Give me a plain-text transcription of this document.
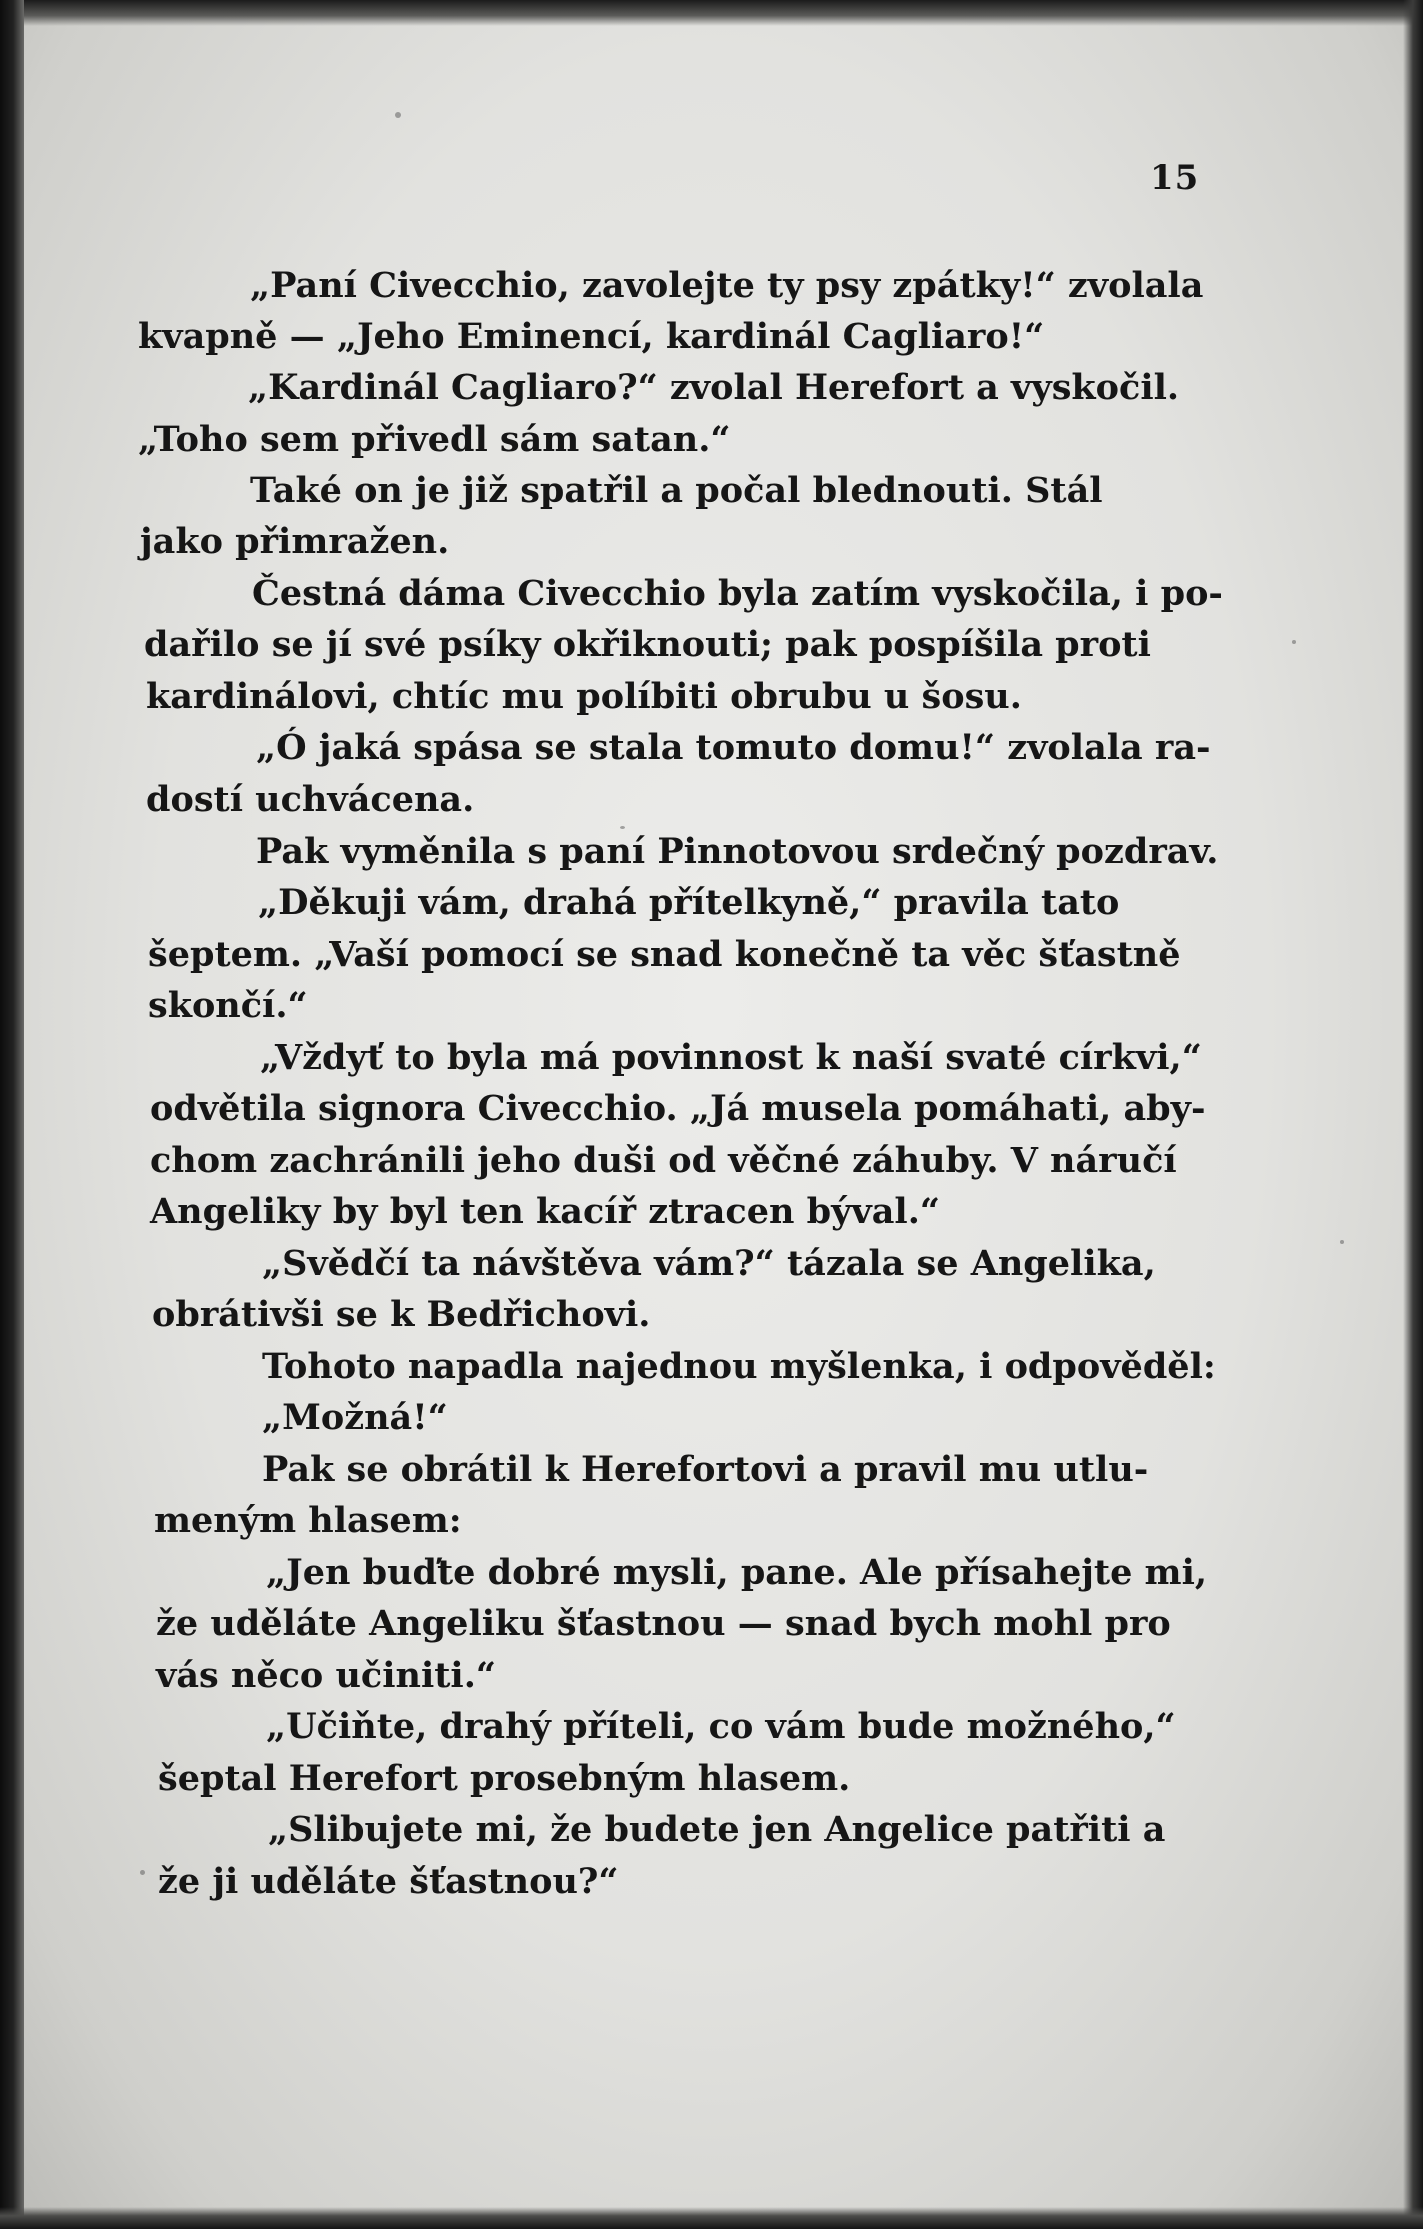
15
„Paní Civecchio, zavolejte ty psy zpátky!“ zvolala
kvapně — „Jeho Eminencí, kardinál Cagliaro!“
„Kardinál Cagliaro?“ zvolal Herefort a vyskočil.
„Toho sem přivedl sám satan.“
Také on je již spatřil a počal blednouti. Stál
jako přimražen.
Čestná dáma Civecchio byla zatím vyskočila, i po-
dařilo se jí své psíky okřiknouti; pak pospíšila proti
kardinálovi, chtíc mu políbiti obrubu u šosu.
„Ó jaká spása se stala tomuto domu!“ zvolala ra-
dostí uchvácena.
Pak vyměnila s paní Pinnotovou srdečný pozdrav.
„Děkuji vám, drahá přítelkyně,“ pravila tato
šeptem. „Vaší pomocí se snad konečně ta věc šťastně
skončí.“
„Vždyť to byla má povinnost k naší svaté církvi,“
odvětila signora Civecchio. „Já musela pomáhati, aby-
chom zachránili jeho duši od věčné záhuby. V náručí
Angeliky by byl ten kacíř ztracen býval.“
„Svědčí ta návštěva vám?“ tázala se Angelika,
obrátivši se k Bedřichovi.
Tohoto napadla najednou myšlenka, i odpověděl:
„Možná!“
Pak se obrátil k Herefortovi a pravil mu utlu-
meným hlasem:
„Jen buďte dobré mysli, pane. Ale přísahejte mi,
že uděláte Angeliku šťastnou — snad bych mohl pro
vás něco učiniti.“
„Učiňte, drahý příteli, co vám bude možného,“
šeptal Herefort prosebným hlasem.
„Slibujete mi, že budete jen Angelice patřiti a
že ji uděláte šťastnou?“
